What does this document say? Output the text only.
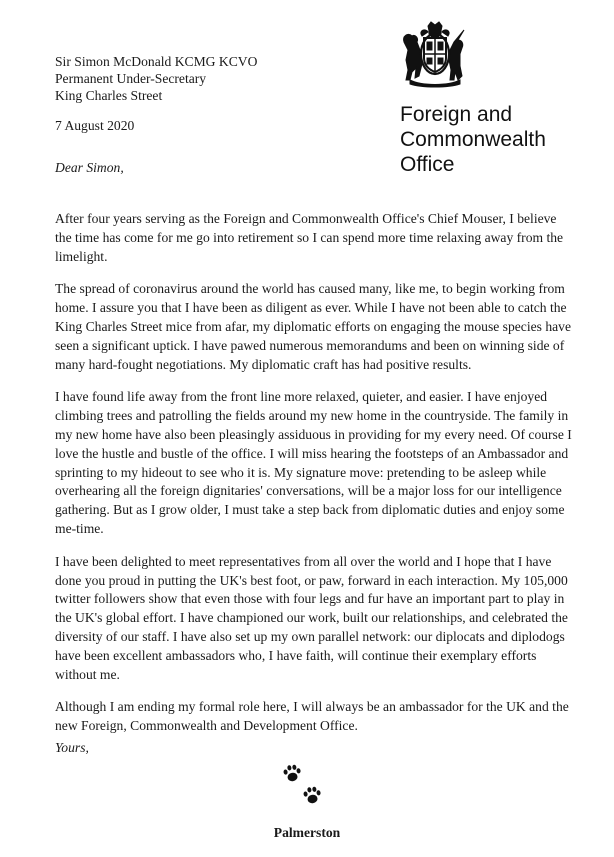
Sir Simon McDonald KCMG KCVO
Permanent Under-Secretary
King Charles Street
7 August 2020	Foreign and
Commonwealth
Office
Dear Simon,

After four years serving as the Foreign and Commonwealth Office's Chief Mouser, I believe the time has come for me go into retirement so I can spend more time relaxing away from the limelight.

The spread of coronavirus around the world has caused many, like me, to begin working from home. I assure you that I have been as diligent as ever. While I have not been able to catch the King Charles Street mice from afar, my diplomatic efforts on engaging the mouse species have seen a significant uptick. I have pawed numerous memorandums and been on winning side of many hard-fought negotiations. My diplomatic craft has had positive results.

I have found life away from the front line more relaxed, quieter, and easier. I have enjoyed climbing trees and patrolling the fields around my new home in the countryside. The family in my new home have also been pleasingly assiduous in providing for my every need. Of course I love the hustle and bustle of the office. I will miss hearing the footsteps of an Ambassador and sprinting to my hideout to see who it is. My signature move: pretending to be asleep while overhearing all the foreign dignitaries' conversations, will be a major loss for our intelligence gathering. But as I grow older, I must take a step back from diplomatic duties and enjoy some me-time.

I have been delighted to meet representatives from all over the world and I hope that I have done you proud in putting the UK's best foot, or paw, forward in each interaction. My 105,000 twitter followers show that even those with four legs and fur have an important part to play in the UK's global effort. I have championed our work, built our relationships, and celebrated the diversity of our staff. I have also set up my own parallel network: our diplocats and diplodogs have been excellent ambassadors who, I have faith, will continue their exemplary efforts without me.

Although I am ending my formal role here, I will always be an ambassador for the UK and the new Foreign, Commonwealth and Development Office.

Yours,
Palmerston
